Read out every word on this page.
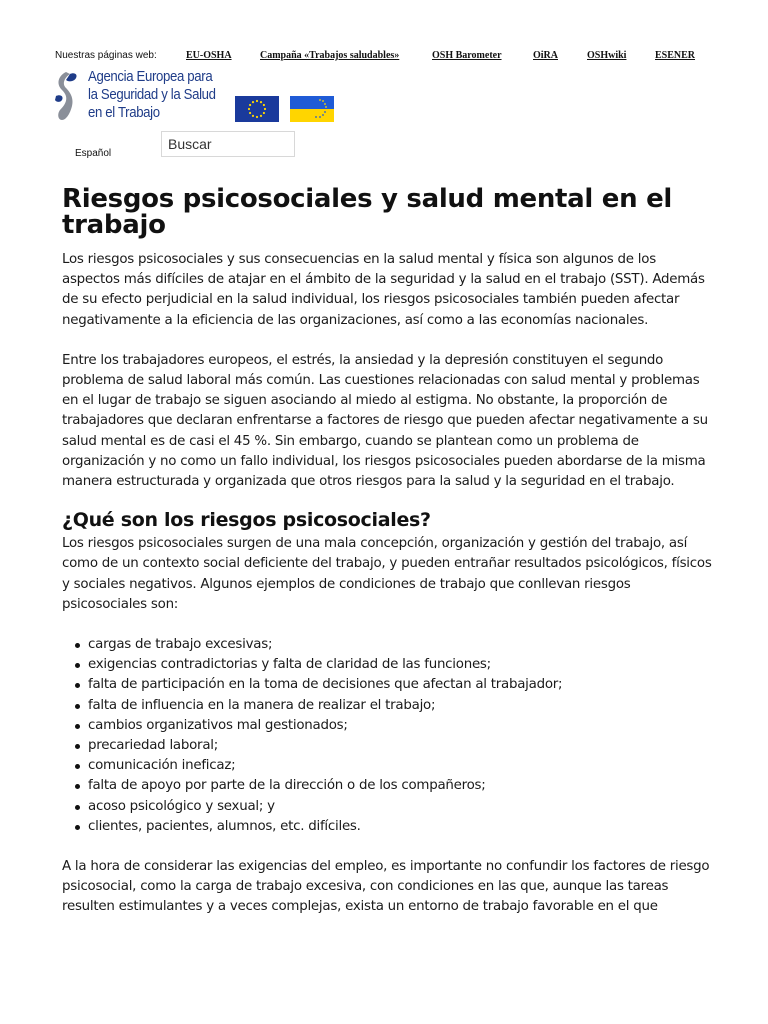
Nuestras páginas web:	EU-OSHA	Campaña «Trabajos saludables»	OSH Barometer	OiRA	OSHwiki	ESENER
Agencia Europea para
la Seguridad y la Salud
en el Trabajo
Español
Buscar
Riesgos psicosociales y salud mental en el trabajo

Los riesgos psicosociales y sus consecuencias en la salud mental y física son algunos de los aspectos más difíciles de atajar en el ámbito de la seguridad y la salud en el trabajo (SST). Además de su efecto perjudicial en la salud individual, los riesgos psicosociales también pueden afectar negativamente a la eficiencia de las organizaciones, así como a las economías nacionales.

Entre los trabajadores europeos, el estrés, la ansiedad y la depresión constituyen el segundo problema de salud laboral más común. Las cuestiones relacionadas con salud mental y problemas en el lugar de trabajo se siguen asociando al miedo al estigma. No obstante, la proporción de trabajadores que declaran enfrentarse a factores de riesgo que pueden afectar negativamente a su salud mental es de casi el 45 %. Sin embargo, cuando se plantean como un problema de organización y no como un fallo individual, los riesgos psicosociales pueden abordarse de la misma manera estructurada y organizada que otros riesgos para la salud y la seguridad en el trabajo.

¿Qué son los riesgos psicosociales?

Los riesgos psicosociales surgen de una mala concepción, organización y gestión del trabajo, así como de un contexto social deficiente del trabajo, y pueden entrañar resultados psicológicos, físicos y sociales negativos. Algunos ejemplos de condiciones de trabajo que conllevan riesgos psicosociales son:

cargas de trabajo excesivas;
exigencias contradictorias y falta de claridad de las funciones;
falta de participación en la toma de decisiones que afectan al trabajador;
falta de influencia en la manera de realizar el trabajo;
cambios organizativos mal gestionados;
precariedad laboral;
comunicación ineficaz;
falta de apoyo por parte de la dirección o de los compañeros;
acoso psicológico y sexual; y
clientes, pacientes, alumnos, etc. difíciles.

A la hora de considerar las exigencias del empleo, es importante no confundir los factores de riesgo psicosocial, como la carga de trabajo excesiva, con condiciones en las que, aunque las tareas resulten estimulantes y a veces complejas, exista un entorno de trabajo favorable en el que
